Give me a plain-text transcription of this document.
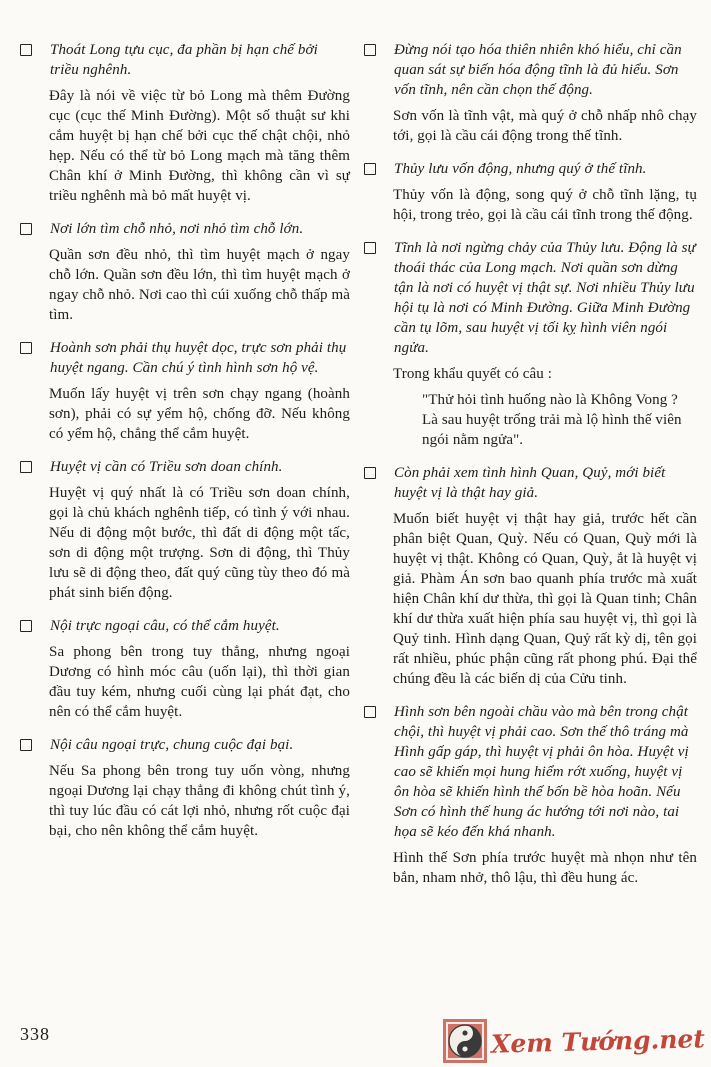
Thoát Long tựu cục, đa phần bị hạn chế bởi triều nghênh.

Đây là nói về việc từ bỏ Long mà thêm Đường cục (cục thế Minh Đường). Một số thuật sư khi cắm huyệt bị hạn chế bởi cục thế chật chội, nhỏ hẹp. Nếu có thể từ bỏ Long mạch mà tăng thêm Chân khí ở Minh Đường, thì không cần vì sự triều nghênh mà bỏ mất huyệt vị.

Nơi lớn tìm chỗ nhỏ, nơi nhỏ tìm chỗ lớn.

Quần sơn đều nhỏ, thì tìm huyệt mạch ở ngay chỗ lớn. Quần sơn đều lớn, thì tìm huyệt mạch ở ngay chỗ nhỏ. Nơi cao thì cúi xuống chỗ thấp mà tìm.

Hoành sơn phải thụ huyệt dọc, trực sơn phải thụ huyệt ngang. Cần chú ý tình hình sơn hộ vệ.

Muốn lấy huyệt vị trên sơn chạy ngang (hoành sơn), phải có sự yểm hộ, chống đỡ. Nếu không có yểm hộ, chẳng thể cắm huyệt.

Huyệt vị cần có Triều sơn doan chính.

Huyệt vị quý nhất là có Triều sơn doan chính, gọi là chủ khách nghênh tiếp, có tình ý với nhau. Nếu di động một bước, thì đất di động một tấc, sơn di động một trượng. Sơn di động, thì Thủy lưu sẽ di động theo, đất quý cũng tùy theo đó mà phát sinh biến động.

Nội trực ngoại câu, có thể cắm huyệt.

Sa phong bên trong tuy thẳng, nhưng ngoại Dương có hình móc câu (uốn lại), thì thời gian đầu tuy kém, nhưng cuối cùng lại phát đạt, cho nên có thể cắm huyệt.

Nội câu ngoại trực, chung cuộc đại bại.

Nếu Sa phong bên trong tuy uốn vòng, nhưng ngoại Dương lại chạy thẳng đi không chút tình ý, thì tuy lúc đầu có cát lợi nhỏ, nhưng rốt cuộc đại bại, cho nên không thể cắm huyệt.

Đừng nói tạo hóa thiên nhiên khó hiểu, chỉ cần quan sát sự biến hóa động tĩnh là đủ hiểu. Sơn vốn tĩnh, nên cần chọn thế động.

Sơn vốn là tĩnh vật, mà quý ở chỗ nhấp nhô chạy tới, gọi là cầu cái động trong thế tĩnh.

Thủy lưu vốn động, nhưng quý ở thế tĩnh.

Thủy vốn là động, song quý ở chỗ tĩnh lặng, tụ hội, trong trẻo, gọi là cầu cái tĩnh trong thế động.

Tĩnh là nơi ngừng chảy của Thủy lưu. Động là sự thoái thác của Long mạch. Nơi quần sơn dừng tận là nơi có huyệt vị thật sự. Nơi nhiều Thủy lưu hội tụ là nơi có Minh Đường. Giữa Minh Đường cần tụ lõm, sau huyệt vị tối kỵ hình viên ngói ngửa.

Trong khẩu quyết có câu :

"Thử hỏi tình huống nào là Không Vong ? Là sau huyệt trống trải mà lộ hình thế viên ngói nằm ngửa".

Còn phải xem tình hình Quan, Quỷ, mới biết huyệt vị là thật hay giả.

Muốn biết huyệt vị thật hay giả, trước hết cần phân biệt Quan, Quỳ. Nếu có Quan, Quỳ mới là huyệt vị thật. Không có Quan, Quỳ, ắt là huyệt vị giả. Phàm Án sơn bao quanh phía trước mà xuất hiện Chân khí dư thừa, thì gọi là Quan tinh; Chân khí dư thừa xuất hiện phía sau huyệt vị, thì gọi là Quỷ tinh. Hình dạng Quan, Quỷ rất kỳ dị, tên gọi rất nhiều, phúc phận cũng rất phong phú. Đại thể chúng đều là các biến dị của Cửu tinh.

Hình sơn bên ngoài chầu vào mà bên trong chật chội, thì huyệt vị phải cao. Sơn thế thô tráng mà Hình gấp gáp, thì huyệt vị phải ôn hòa. Huyệt vị cao sẽ khiến mọi hung hiểm rớt xuống, huyệt vị ôn hòa sẽ khiến hình thế bốn bề hòa hoãn. Nếu Sơn có hình thế hung ác hướng tới nơi nào, tai họa sẽ kéo đến khá nhanh.

Hình thế Sơn phía trước huyệt mà nhọn như tên bắn, nham nhở, thô lậu, thì đều hung ác.

338	Xem Tướng.net
